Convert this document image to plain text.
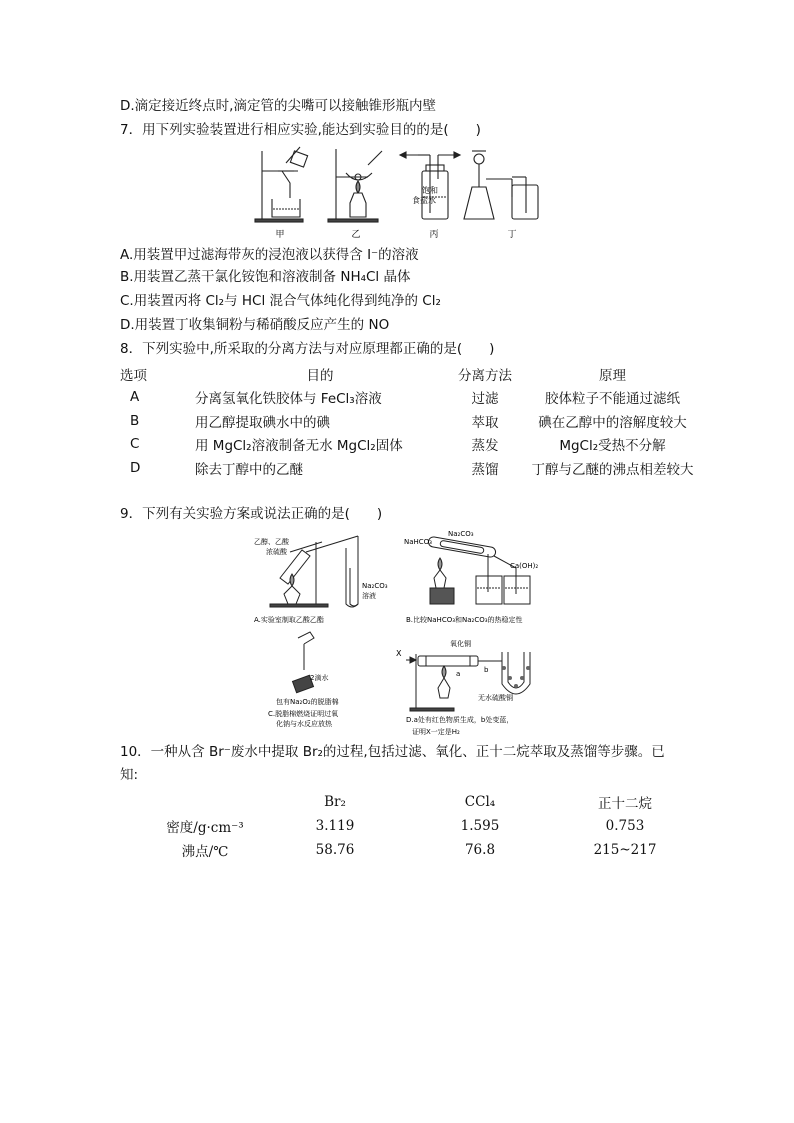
D.滴定接近终点时,滴定管的尖嘴可以接触锥形瓶内壁
7．用下列实验装置进行相应实验,能达到实验目的的是(　　)
饱和
食盐水
甲	乙	丙	丁
A.用装置甲过滤海带灰的浸泡液以获得含 I⁻的溶液
B.用装置乙蒸干氯化铵饱和溶液制备 NH₄Cl 晶体
C.用装置丙将 Cl₂与 HCl 混合气体纯化得到纯净的 Cl₂
D.用装置丁收集铜粉与稀硝酸反应产生的 NO
8．下列实验中,所采取的分离方法与对应原理都正确的是(　　)
选项	目的	分离方法	原理
A	分离氢氧化铁胶体与 FeCl₃溶液	过滤	胶体粒子不能通过滤纸
B	用乙醇提取碘水中的碘	萃取	碘在乙醇中的溶解度较大
C	用 MgCl₂溶液制备无水 MgCl₂固体	蒸发	MgCl₂受热不分解
D	除去丁醇中的乙醚	蒸馏	丁醇与乙醚的沸点相差较大
9．下列有关实验方案或说法正确的是(　　)
乙醇、乙酸
浓硫酸
Na₂CO₃
溶液
A.实验室制取乙酸乙酯
NaHCO₃
Na₂CO₃
Ca(OH)₂
B.比较NaHCO₃和Na₂CO₃的热稳定性
2滴水
包有Na₂O₂的脱脂棉
C.脱脂棉燃烧证明过氧
化钠与水反应放热
X
氧化铜
a	b
无水硫酸铜
D.a处有红色物质生成，b处变蓝，
证明X一定是H₂
10．一种从含 Br⁻废水中提取 Br₂的过程,包括过滤、氧化、正十二烷萃取及蒸馏等步骤。已
知:
	Br₂	CCl₄	正十二烷
密度/g·cm⁻³	3.119	1.595	0.753
沸点/℃	58.76	76.8	215~217
